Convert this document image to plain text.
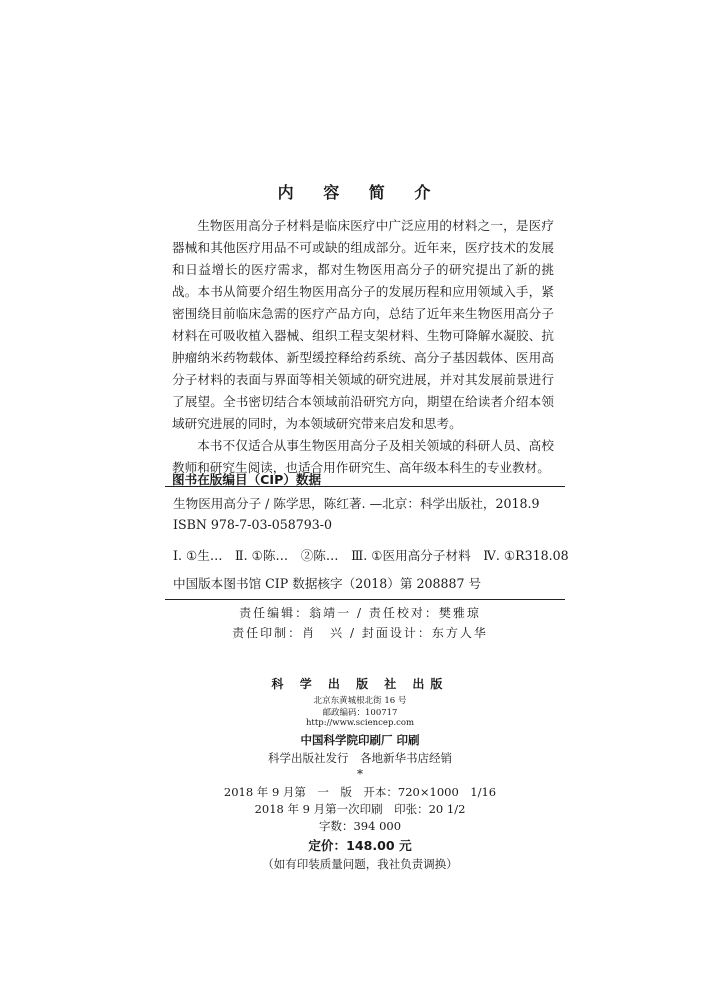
内 容 简 介

生物医用高分子材料是临床医疗中广泛应用的材料之一，是医疗器械和其他医疗用品不可或缺的组成部分。近年来，医疗技术的发展和日益增长的医疗需求，都对生物医用高分子的研究提出了新的挑战。本书从简要介绍生物医用高分子的发展历程和应用领域入手，紧密围绕目前临床急需的医疗产品方向，总结了近年来生物医用高分子材料在可吸收植入器械、组织工程支架材料、生物可降解水凝胶、抗肿瘤纳米药物载体、新型缓控释给药系统、高分子基因载体、医用高分子材料的表面与界面等相关领域的研究进展，并对其发展前景进行了展望。全书密切结合本领域前沿研究方向，期望在给读者介绍本领域研究进展的同时，为本领域研究带来启发和思考。

本书不仅适合从事生物医用高分子及相关领域的科研人员、高校教师和研究生阅读，也适合用作研究生、高年级本科生的专业教材。

图书在版编目（CIP）数据
生物医用高分子 / 陈学思，陈红著. —北京：科学出版社，2018.9
ISBN 978-7-03-058793-0
Ⅰ. ①生…　Ⅱ. ①陈…　②陈…　Ⅲ. ①医用高分子材料　Ⅳ. ①R318.08
中国版本图书馆 CIP 数据核字（2018）第 208887 号
责任编辑：翁靖一 / 责任校对：樊雅琼
责任印制：肖　兴 / 封面设计：东方人华
科 学 出 版 社 出版
北京东黄城根北街 16 号
邮政编码：100717
http://www.sciencep.com
中国科学院印刷厂 印刷
科学出版社发行　各地新华书店经销
*
2018 年 9 月第　一　版　开本：720×1000　1/16
2018 年 9 月第一次印刷　印张：20 1/2
字数：394 000
定价：148.00 元
（如有印装质量问题，我社负责调换）
